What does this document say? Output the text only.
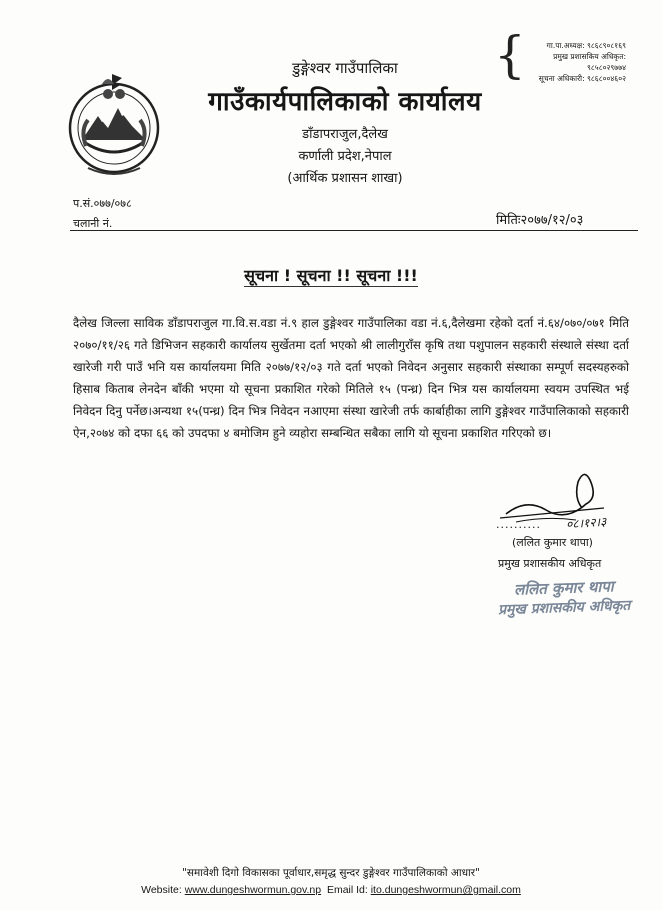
डुङ्गेश्वर गाउँपालिका
गाउँकार्यपालिकाको कार्यालय
डाँडापराजुल,दैलेख
कर्णाली प्रदेश,नेपाल
(आर्थिक प्रशासन शाखा)
{	गा.पा.अध्यक्ष: ९८६८९०८१६९
प्रमुख प्रशासकिय अधिकृत:
९८५८०२९७७४
सूचना अधिकारी: ९८६८००४६०२
प.सं.०७७/०७८
चलानी नं.	मितिः२०७७/१२/०३
सूचना ! सूचना !! सूचना !!!
दैलेख जिल्ला साविक डाँडापराजुल गा.वि.स.वडा नं.९ हाल डुङ्गेश्वर गाउँपालिका वडा नं.६,दैलेखमा रहेको दर्ता नं.६४/०७०/०७१ मिति २०७०/११/२६ गते डिभिजन सहकारी कार्यालय सुर्खेतमा दर्ता भएको श्री लालीगुराँस कृषि तथा पशुपालन सहकारी संस्थाले संस्था दर्ता खारेजी गरी पाउँ भनि यस कार्यालयमा मिति २०७७/१२/०३ गते दर्ता भएको निवेदन अनुसार सहकारी संस्थाका सम्पूर्ण सदस्यहरुको हिसाब किताब लेनदेन बाँकी भएमा यो सूचना प्रकाशित गरेको मितिले १५ (पन्ध्र) दिन भित्र यस कार्यालयमा स्वयम उपस्थित भई निवेदन दिनु पर्नेछ।अन्यथा १५(पन्ध्र) दिन भित्र निवेदन नआएमा संस्था खारेजी तर्फ कार्बाहीका लागि डुङ्गेश्वर गाउँपालिकाको सहकारी ऐन,२०७४ को दफा ६६ को उपदफा ४ बमोजिम हुने व्यहोरा सम्बन्धित सबैका लागि यो सूचना प्रकाशित गरिएको छ।
.......... ०८।१२।३
(ललित कुमार थापा)
प्रमुख प्रशासकीय अधिकृत
ललित कुमार थापा
प्रमुख प्रशासकीय अधिकृत
"समावेशी दिगो विकासका पूर्वाधार,समृद्ध सुन्दर डुङ्गेश्वर गाउँपालिकाको आधार"
Website: www.dungeshwormun.gov.np Email Id: ito.dungeshwormun@gmail.com
